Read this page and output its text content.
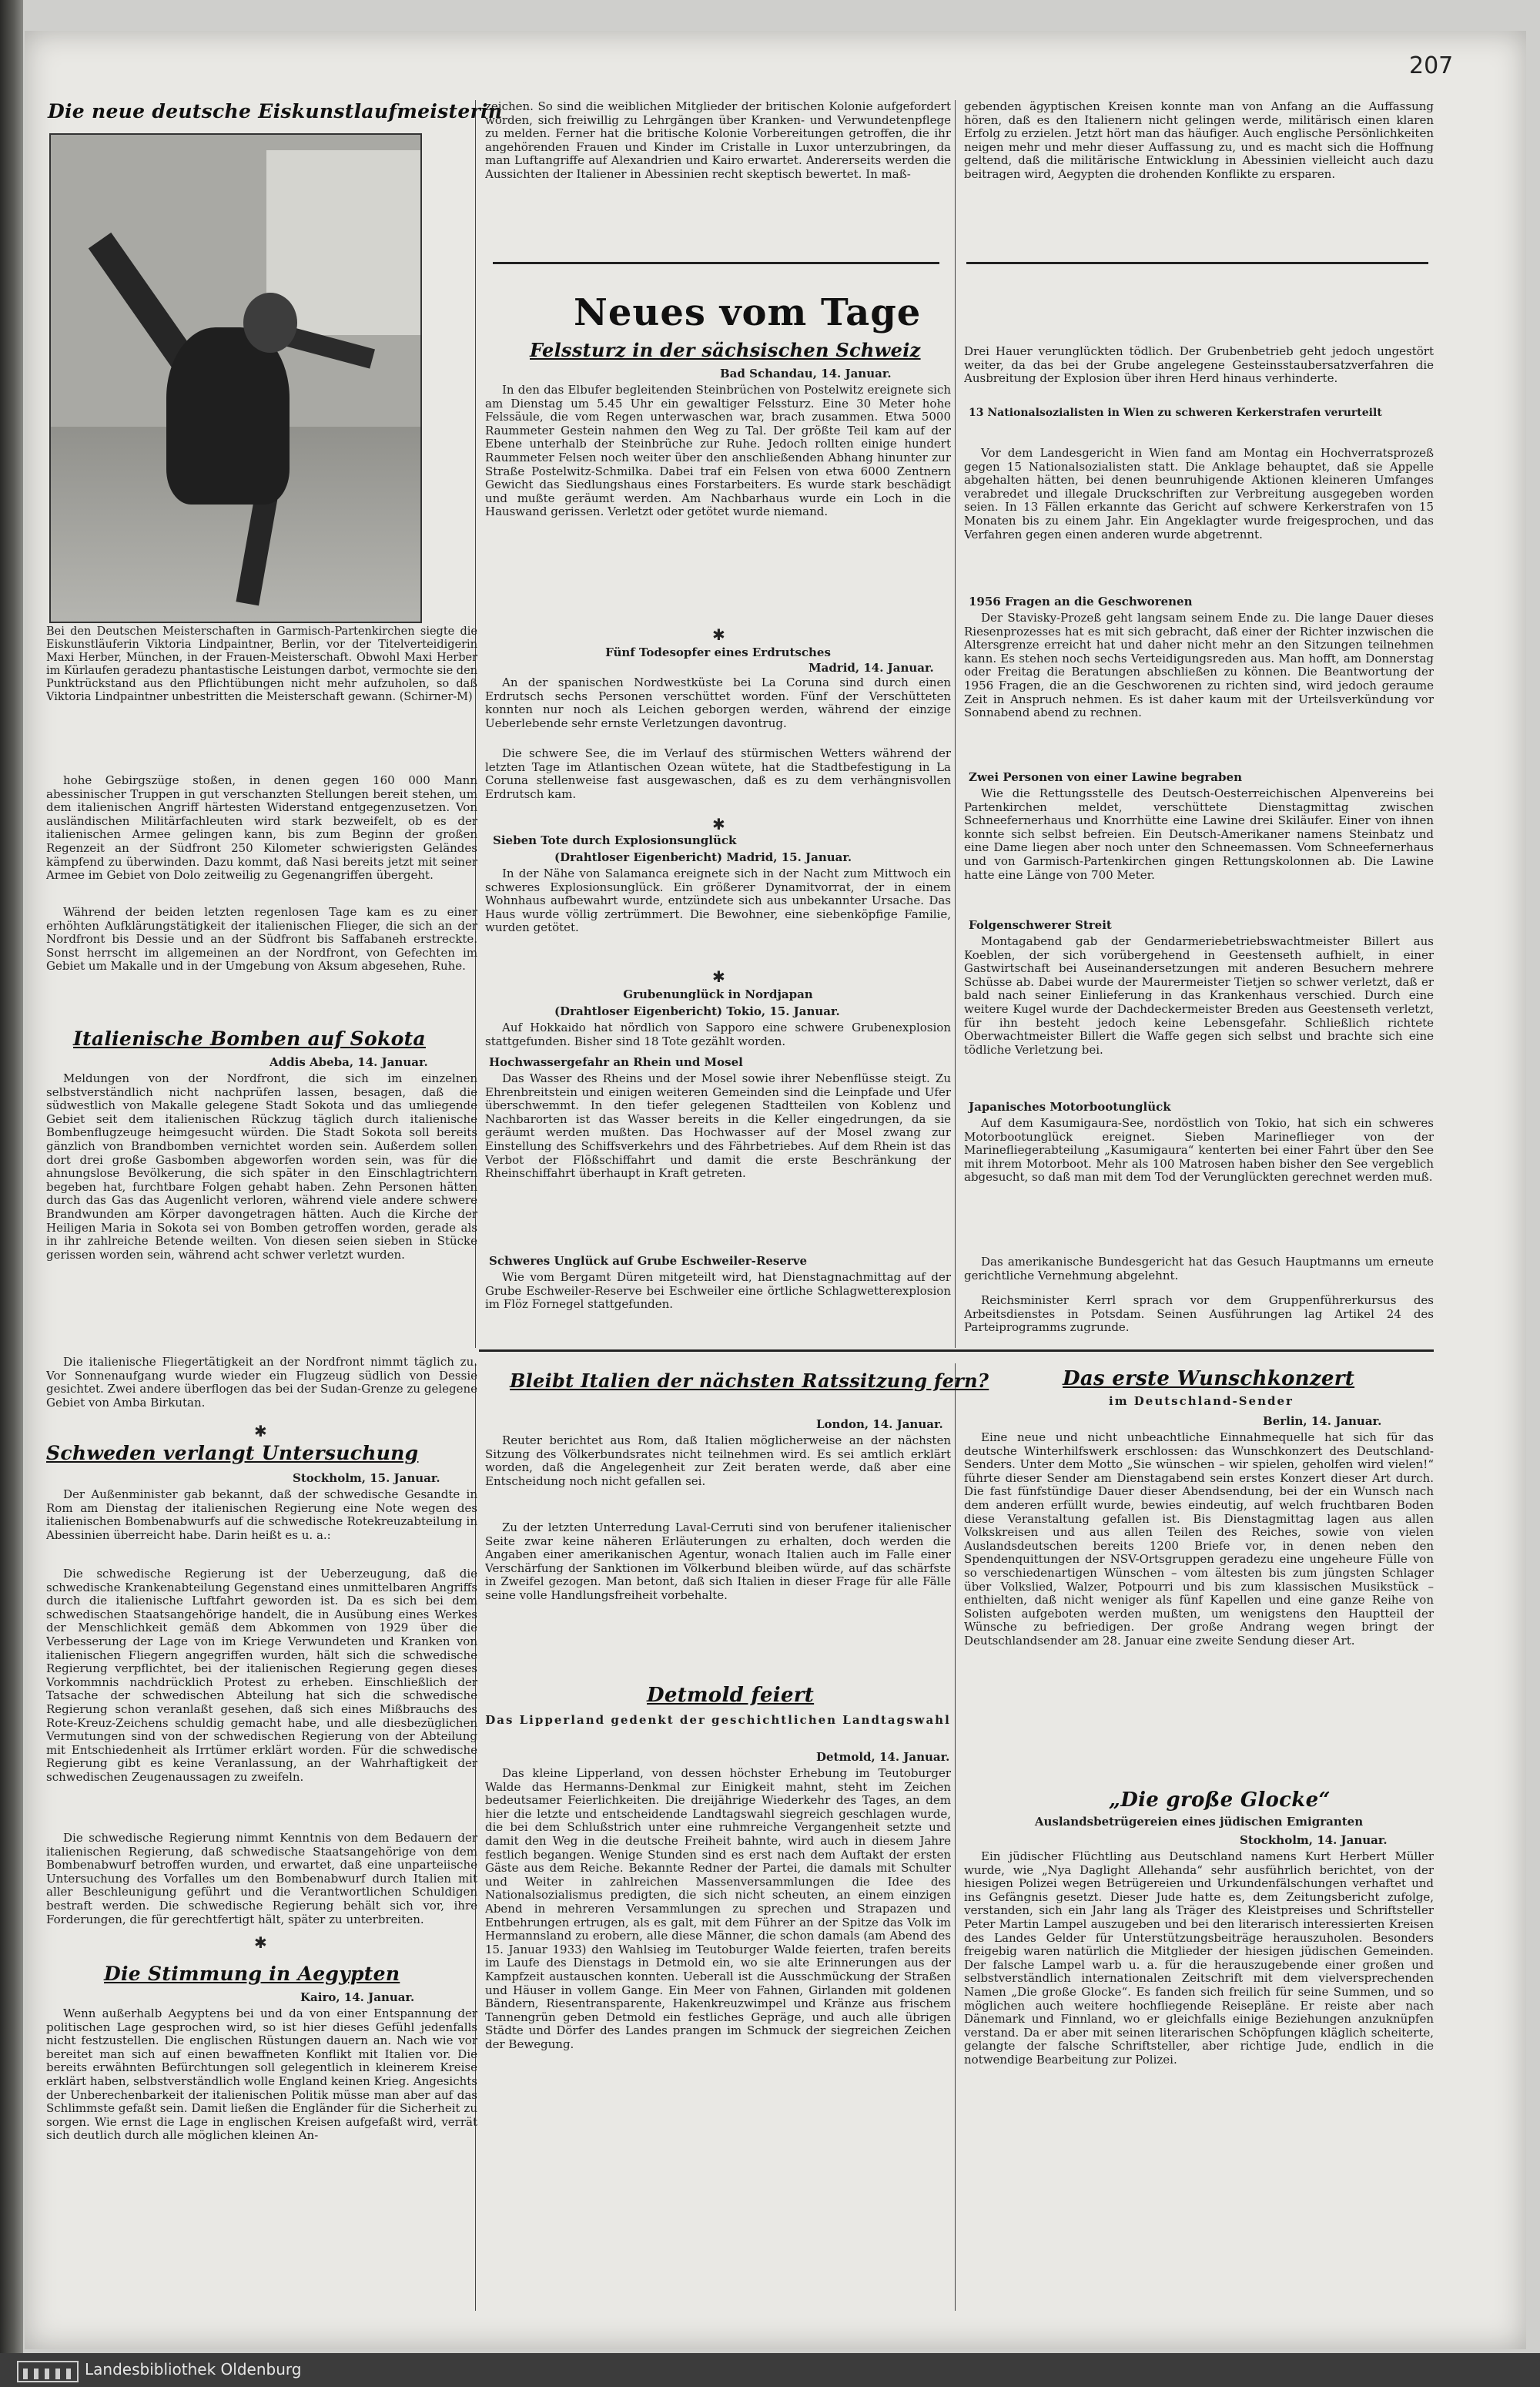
207
Die neue deutsche Eiskunstlaufmeisterin
Bei den Deutschen Meisterschaften in Garmisch-Partenkirchen siegte die Eiskunstläuferin Viktoria Lindpaintner, Berlin, vor der Titelverteidigerin Maxi Herber, München, in der Frauen-Meisterschaft. Obwohl Maxi Herber im Kürlaufen geradezu phantastische Leistungen darbot, vermochte sie den Punktrückstand aus den Pflichtübungen nicht mehr aufzuholen, so daß Viktoria Lindpaintner unbestritten die Meisterschaft gewann. (Schirner-M)

hohe Gebirgszüge stoßen, in denen gegen 160 000 Mann abessinischer Truppen in gut verschanzten Stellungen bereit stehen, um dem italienischen Angriff härtesten Widerstand entgegenzusetzen. Von ausländischen Militärfachleuten wird stark bezweifelt, ob es der italienischen Armee gelingen kann, bis zum Beginn der großen Regenzeit an der Südfront 250 Kilometer schwierigsten Geländes kämpfend zu überwinden. Dazu kommt, daß Nasi bereits jetzt mit seiner Armee im Gebiet von Dolo zeitweilig zu Gegenangriffen übergeht.

Während der beiden letzten regenlosen Tage kam es zu einer erhöhten Aufklärungstätigkeit der italienischen Flieger, die sich an der Nordfront bis Dessie und an der Südfront bis Saffabaneh erstreckte. Sonst herrscht im allgemeinen an der Nordfront, von Gefechten im Gebiet um Makalle und in der Umgebung von Aksum abgesehen, Ruhe.

Italienische Bomben auf Sokota
Addis Abeba, 14. Januar.

Meldungen von der Nordfront, die sich im einzelnen selbstverständlich nicht nachprüfen lassen, besagen, daß die südwestlich von Makalle gelegene Stadt Sokota und das umliegende Gebiet seit dem italienischen Rückzug täglich durch italienische Bombenflugzeuge heimgesucht würden. Die Stadt Sokota soll bereits gänzlich von Brandbomben vernichtet worden sein. Außerdem sollen dort drei große Gasbomben abgeworfen worden sein, was für die ahnungslose Bevölkerung, die sich später in den Einschlagtrichtern begeben hat, furchtbare Folgen gehabt haben. Zehn Personen hätten durch das Gas das Augenlicht verloren, während viele andere schwere Brandwunden am Körper davongetragen hätten. Auch die Kirche der Heiligen Maria in Sokota sei von Bomben getroffen worden, gerade als in ihr zahlreiche Betende weilten. Von diesen seien sieben in Stücke gerissen worden sein, während acht schwer verletzt wurden.

Die italienische Fliegertätigkeit an der Nordfront nimmt täglich zu. Vor Sonnenaufgang wurde wieder ein Flugzeug südlich von Dessie gesichtet. Zwei andere überflogen das bei der Sudan-Grenze zu gelegene Gebiet von Amba Birkutan.

✱
Schweden verlangt Untersuchung
Stockholm, 15. Januar.

Der Außenminister gab bekannt, daß der schwedische Gesandte in Rom am Dienstag der italienischen Regierung eine Note wegen des italienischen Bombenabwurfs auf die schwedische Rotekreuzabteilung in Abessinien überreicht habe. Darin heißt es u. a.:

Die schwedische Regierung ist der Ueberzeugung, daß die schwedische Krankenabteilung Gegenstand eines unmittelbaren Angriffs durch die italienische Luftfahrt geworden ist. Da es sich bei dem schwedischen Staatsangehörige handelt, die in Ausübung eines Werkes der Menschlichkeit gemäß dem Abkommen von 1929 über die Verbesserung der Lage von im Kriege Verwundeten und Kranken von italienischen Fliegern angegriffen wurden, hält sich die schwedische Regierung verpflichtet, bei der italienischen Regierung gegen dieses Vorkommnis nachdrücklich Protest zu erheben. Einschließlich der Tatsache der schwedischen Abteilung hat sich die schwedische Regierung schon veranlaßt gesehen, daß sich eines Mißbrauchs des Rote-Kreuz-Zeichens schuldig gemacht habe, und alle diesbezüglichen Vermutungen sind von der schwedischen Regierung von der Abteilung mit Entschiedenheit als Irrtümer erklärt worden. Für die schwedische Regierung gibt es keine Veranlassung, an der Wahrhaftigkeit der schwedischen Zeugenaussagen zu zweifeln.

Die schwedische Regierung nimmt Kenntnis von dem Bedauern der italienischen Regierung, daß schwedische Staatsangehörige von dem Bombenabwurf betroffen wurden, und erwartet, daß eine unparteiische Untersuchung des Vorfalles um den Bombenabwurf durch Italien mit aller Beschleunigung geführt und die Verantwortlichen Schuldigen bestraft werden. Die schwedische Regierung behält sich vor, ihre Forderungen, die für gerechtfertigt hält, später zu unterbreiten.

✱
Die Stimmung in Aegypten
Kairo, 14. Januar.

Wenn außerhalb Aegyptens bei und da von einer Entspannung der politischen Lage gesprochen wird, so ist hier dieses Gefühl jedenfalls nicht festzustellen. Die englischen Rüstungen dauern an. Nach wie vor bereitet man sich auf einen bewaffneten Konflikt mit Italien vor. Die bereits erwähnten Befürchtungen soll gelegentlich in kleinerem Kreise erklärt haben, selbstverständlich wolle England keinen Krieg. Angesichts der Unberechenbarkeit der italienischen Politik müsse man aber auf das Schlimmste gefaßt sein. Damit ließen die Engländer für die Sicherheit zu sorgen. Wie ernst die Lage in englischen Kreisen aufgefaßt wird, verrät sich deutlich durch alle möglichen kleinen An-

zeichen. So sind die weiblichen Mitglieder der britischen Kolonie aufgefordert worden, sich freiwillig zu Lehrgängen über Kranken- und Verwundetenpflege zu melden. Ferner hat die britische Kolonie Vorbereitungen getroffen, die ihr angehörenden Frauen und Kinder im Cristalle in Luxor unterzubringen, da man Luftangriffe auf Alexandrien und Kairo erwartet. Andererseits werden die Aussichten der Italiener in Abessinien recht skeptisch bewertet. In maß-
Neues vom Tage
Felssturz in der sächsischen Schweiz
Bad Schandau, 14. Januar.

In den das Elbufer begleitenden Steinbrüchen von Postelwitz ereignete sich am Dienstag um 5.45 Uhr ein gewaltiger Felssturz. Eine 30 Meter hohe Felssäule, die vom Regen unterwaschen war, brach zusammen. Etwa 5000 Raummeter Gestein nahmen den Weg zu Tal. Der größte Teil kam auf der Ebene unterhalb der Steinbrüche zur Ruhe. Jedoch rollten einige hundert Raummeter Felsen noch weiter über den anschließenden Abhang hinunter zur Straße Postelwitz-Schmilka. Dabei traf ein Felsen von etwa 6000 Zentnern Gewicht das Siedlungshaus eines Forstarbeiters. Es wurde stark beschädigt und mußte geräumt werden. Am Nachbarhaus wurde ein Loch in die Hauswand gerissen. Verletzt oder getötet wurde niemand.

✱
Fünf Todesopfer eines Erdrutsches
Madrid, 14. Januar.

An der spanischen Nordwestküste bei La Coruna sind durch einen Erdrutsch sechs Personen verschüttet worden. Fünf der Verschütteten konnten nur noch als Leichen geborgen werden, während der einzige Ueberlebende sehr ernste Verletzungen davontrug.

Die schwere See, die im Verlauf des stürmischen Wetters während der letzten Tage im Atlantischen Ozean wütete, hat die Stadtbefestigung in La Coruna stellenweise fast ausgewaschen, daß es zu dem verhängnisvollen Erdrutsch kam.

✱
Sieben Tote durch Explosionsunglück
(Drahtloser Eigenbericht) Madrid, 15. Januar.

In der Nähe von Salamanca ereignete sich in der Nacht zum Mittwoch ein schweres Explosionsunglück. Ein größerer Dynamitvorrat, der in einem Wohnhaus aufbewahrt wurde, entzündete sich aus unbekannter Ursache. Das Haus wurde völlig zertrümmert. Die Bewohner, eine siebenköpfige Familie, wurden getötet.

✱
Grubenunglück in Nordjapan
(Drahtloser Eigenbericht) Tokio, 15. Januar.

Auf Hokkaido hat nördlich von Sapporo eine schwere Grubenexplosion stattgefunden. Bisher sind 18 Tote gezählt worden.

Hochwassergefahr an Rhein und Mosel

Das Wasser des Rheins und der Mosel sowie ihrer Nebenflüsse steigt. Zu Ehrenbreitstein und einigen weiteren Gemeinden sind die Leinpfade und Ufer überschwemmt. In den tiefer gelegenen Stadtteilen von Koblenz und Nachbarorten ist das Wasser bereits in die Keller eingedrungen, da sie geräumt werden mußten. Das Hochwasser auf der Mosel zwang zur Einstellung des Schiffsverkehrs und des Fährbetriebes. Auf dem Rhein ist das Verbot der Flößschiffahrt und damit die erste Beschränkung der Rheinschiffahrt überhaupt in Kraft getreten.

Schweres Unglück auf Grube Eschweiler-Reserve

Wie vom Bergamt Düren mitgeteilt wird, hat Dienstagnachmittag auf der Grube Eschweiler-Reserve bei Eschweiler eine örtliche Schlagwetterexplosion im Flöz Fornegel stattgefunden.

gebenden ägyptischen Kreisen konnte man von Anfang an die Auffassung hören, daß es den Italienern nicht gelingen werde, militärisch einen klaren Erfolg zu erzielen. Jetzt hört man das häufiger. Auch englische Persönlichkeiten neigen mehr und mehr dieser Auffassung zu, und es macht sich die Hoffnung geltend, daß die militärische Entwicklung in Abessinien vielleicht auch dazu beitragen wird, Aegypten die drohenden Konflikte zu ersparen.
Drei Hauer verunglückten tödlich. Der Grubenbetrieb geht jedoch ungestört weiter, da das bei der Grube angelegene Gesteinsstaubersatzverfahren die Ausbreitung der Explosion über ihren Herd hinaus verhinderte.
13 Nationalsozialisten in Wien zu schweren Kerkerstrafen verurteilt

Vor dem Landesgericht in Wien fand am Montag ein Hochverratsprozeß gegen 15 Nationalsozialisten statt. Die Anklage behauptet, daß sie Appelle abgehalten hätten, bei denen beunruhigende Aktionen kleineren Umfanges verabredet und illegale Druckschriften zur Verbreitung ausgegeben worden seien. In 13 Fällen erkannte das Gericht auf schwere Kerkerstrafen von 15 Monaten bis zu einem Jahr. Ein Angeklagter wurde freigesprochen, und das Verfahren gegen einen anderen wurde abgetrennt.

1956 Fragen an die Geschworenen

Der Stavisky-Prozeß geht langsam seinem Ende zu. Die lange Dauer dieses Riesenprozesses hat es mit sich gebracht, daß einer der Richter inzwischen die Altersgrenze erreicht hat und daher nicht mehr an den Sitzungen teilnehmen kann. Es stehen noch sechs Verteidigungsreden aus. Man hofft, am Donnerstag oder Freitag die Beratungen abschließen zu können. Die Beantwortung der 1956 Fragen, die an die Geschworenen zu richten sind, wird jedoch geraume Zeit in Anspruch nehmen. Es ist daher kaum mit der Urteilsverkündung vor Sonnabend abend zu rechnen.

Zwei Personen von einer Lawine begraben

Wie die Rettungsstelle des Deutsch-Oesterreichischen Alpenvereins bei Partenkirchen meldet, verschüttete Dienstagmittag zwischen Schneefernerhaus und Knorrhütte eine Lawine drei Skiläufer. Einer von ihnen konnte sich selbst befreien. Ein Deutsch-Amerikaner namens Steinbatz und eine Dame liegen aber noch unter den Schneemassen. Vom Schneefernerhaus und von Garmisch-Partenkirchen gingen Rettungskolonnen ab. Die Lawine hatte eine Länge von 700 Meter.

Folgenschwerer Streit

Montagabend gab der Gendarmeriebetriebswachtmeister Billert aus Koeblen, der sich vorübergehend in Geestenseth aufhielt, in einer Gastwirtschaft bei Auseinandersetzungen mit anderen Besuchern mehrere Schüsse ab. Dabei wurde der Maurermeister Tietjen so schwer verletzt, daß er bald nach seiner Einlieferung in das Krankenhaus verschied. Durch eine weitere Kugel wurde der Dachdeckermeister Breden aus Geestenseth verletzt, für ihn besteht jedoch keine Lebensgefahr. Schließlich richtete Oberwachtmeister Billert die Waffe gegen sich selbst und brachte sich eine tödliche Verletzung bei.

Japanisches Motorbootunglück

Auf dem Kasumigaura-See, nordöstlich von Tokio, hat sich ein schweres Motorbootunglück ereignet. Sieben Marineflieger von der Marinefliegerabteilung „Kasumigaura“ kenterten bei einer Fahrt über den See mit ihrem Motorboot. Mehr als 100 Matrosen haben bisher den See vergeblich abgesucht, so daß man mit dem Tod der Verunglückten gerechnet werden muß.

Das amerikanische Bundesgericht hat das Gesuch Hauptmanns um erneute gerichtliche Vernehmung abgelehnt.

Reichsminister Kerrl sprach vor dem Gruppenführerkursus des Arbeitsdienstes in Potsdam. Seinen Ausführungen lag Artikel 24 des Parteiprogramms zugrunde.

Bleibt Italien der nächsten Ratssitzung fern?
London, 14. Januar.

Reuter berichtet aus Rom, daß Italien möglicherweise an der nächsten Sitzung des Völkerbundsrates nicht teilnehmen wird. Es sei amtlich erklärt worden, daß die Angelegenheit zur Zeit beraten werde, daß aber eine Entscheidung noch nicht gefallen sei.

Zu der letzten Unterredung Laval-Cerruti sind von berufener italienischer Seite zwar keine näheren Erläuterungen zu erhalten, doch werden die Angaben einer amerikanischen Agentur, wonach Italien auch im Falle einer Verschärfung der Sanktionen im Völkerbund bleiben würde, auf das schärfste in Zweifel gezogen. Man betont, daß sich Italien in dieser Frage für alle Fälle seine volle Handlungsfreiheit vorbehalte.

Detmold feiert
Das Lipperland gedenkt der geschichtlichen Landtagswahl
Detmold, 14. Januar.

Das kleine Lipperland, von dessen höchster Erhebung im Teutoburger Walde das Hermanns-Denkmal zur Einigkeit mahnt, steht im Zeichen bedeutsamer Feierlichkeiten. Die dreijährige Wiederkehr des Tages, an dem hier die letzte und entscheidende Landtagswahl siegreich geschlagen wurde, die bei dem Schlußstrich unter eine ruhmreiche Vergangenheit setzte und damit den Weg in die deutsche Freiheit bahnte, wird auch in diesem Jahre festlich begangen. Wenige Stunden sind es erst nach dem Auftakt der ersten Gäste aus dem Reiche. Bekannte Redner der Partei, die damals mit Schulter und Weiter in zahlreichen Massenversammlungen die Idee des Nationalsozialismus predigten, die sich nicht scheuten, an einem einzigen Abend in mehreren Versammlungen zu sprechen und Strapazen und Entbehrungen ertrugen, als es galt, mit dem Führer an der Spitze das Volk im Hermannsland zu erobern, alle diese Männer, die schon damals (am Abend des 15. Januar 1933) den Wahlsieg im Teutoburger Walde feierten, trafen bereits im Laufe des Dienstags in Detmold ein, wo sie alte Erinnerungen aus der Kampfzeit austauschen konnten. Ueberall ist die Ausschmückung der Straßen und Häuser in vollem Gange. Ein Meer von Fahnen, Girlanden mit goldenen Bändern, Riesentransparente, Hakenkreuzwimpel und Kränze aus frischem Tannengrün geben Detmold ein festliches Gepräge, und auch alle übrigen Städte und Dörfer des Landes prangen im Schmuck der siegreichen Zeichen der Bewegung.

Das erste Wunschkonzert
im Deutschland-Sender
Berlin, 14. Januar.

Eine neue und nicht unbeachtliche Einnahmequelle hat sich für das deutsche Winterhilfswerk erschlossen: das Wunschkonzert des Deutschland-Senders. Unter dem Motto „Sie wünschen – wir spielen, geholfen wird vielen!“ führte dieser Sender am Dienstagabend sein erstes Konzert dieser Art durch. Die fast fünfstündige Dauer dieser Abendsendung, bei der ein Wunsch nach dem anderen erfüllt wurde, bewies eindeutig, auf welch fruchtbaren Boden diese Veranstaltung gefallen ist. Bis Dienstagmittag lagen aus allen Volkskreisen und aus allen Teilen des Reiches, sowie von vielen Auslandsdeutschen bereits 1200 Briefe vor, in denen neben den Spendenquittungen der NSV-Ortsgruppen geradezu eine ungeheure Fülle von so verschiedenartigen Wünschen – vom ältesten bis zum jüngsten Schlager über Volkslied, Walzer, Potpourri und bis zum klassischen Musikstück – enthielten, daß nicht weniger als fünf Kapellen und eine ganze Reihe von Solisten aufgeboten werden mußten, um wenigstens den Hauptteil der Wünsche zu befriedigen. Der große Andrang wegen bringt der Deutschlandsender am 28. Januar eine zweite Sendung dieser Art.

„Die große Glocke“
Auslandsbetrügereien eines jüdischen Emigranten
Stockholm, 14. Januar.

Ein jüdischer Flüchtling aus Deutschland namens Kurt Herbert Müller wurde, wie „Nya Daglight Allehanda“ sehr ausführlich berichtet, von der hiesigen Polizei wegen Betrügereien und Urkundenfälschungen verhaftet und ins Gefängnis gesetzt. Dieser Jude hatte es, dem Zeitungsbericht zufolge, verstanden, sich ein Jahr lang als Träger des Kleistpreises und Schriftsteller Peter Martin Lampel auszugeben und bei den literarisch interessierten Kreisen des Landes Gelder für Unterstützungsbeiträge herauszuholen. Besonders freigebig waren natürlich die Mitglieder der hiesigen jüdischen Gemeinden. Der falsche Lampel warb u. a. für die herauszugebende einer großen und selbstverständlich internationalen Zeitschrift mit dem vielversprechenden Namen „Die große Glocke“. Es fanden sich freilich für seine Summen, und so möglichen auch weitere hochfliegende Reisepläne. Er reiste aber nach Dänemark und Finnland, wo er gleichfalls einige Beziehungen anzuknüpfen verstand. Da er aber mit seinen literarischen Schöpfungen kläglich scheiterte, gelangte der falsche Schriftsteller, aber richtige Jude, endlich in die notwendige Bearbeitung zur Polizei.

Landesbibliothek Oldenburg
